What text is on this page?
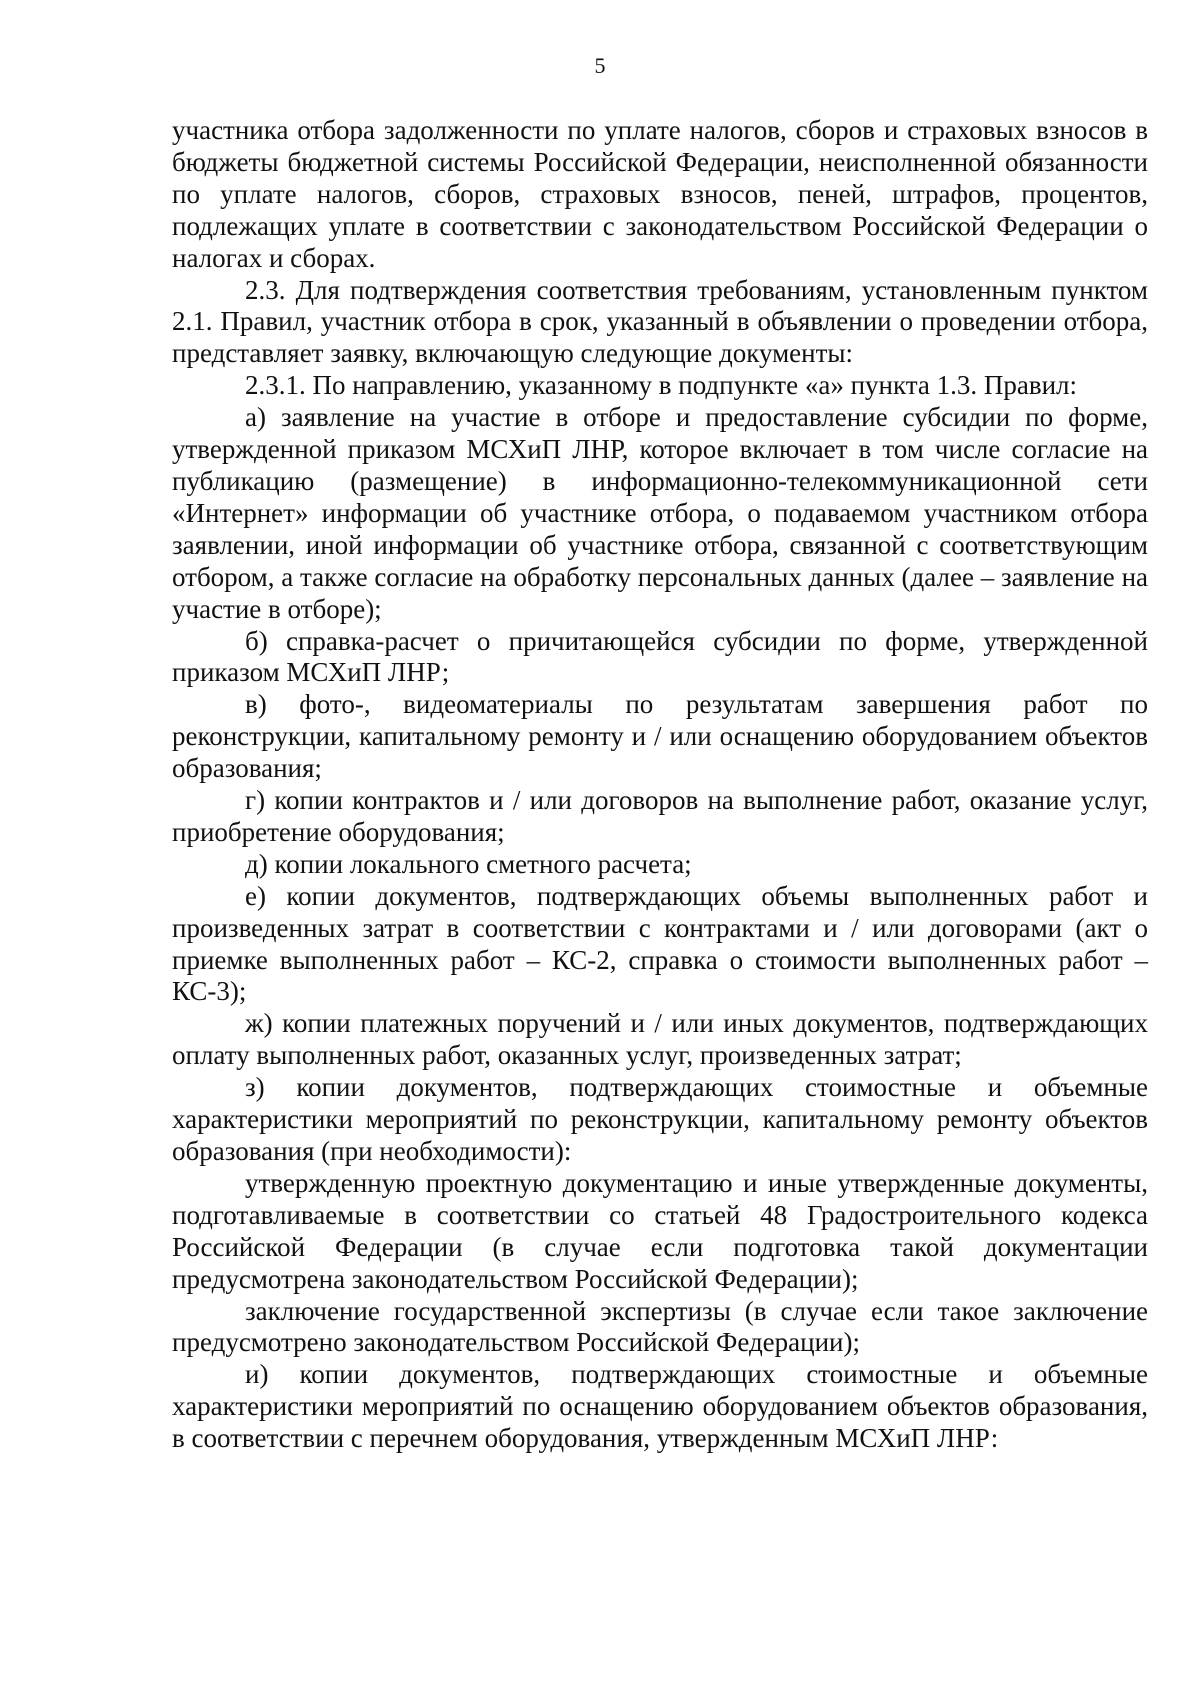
5

участника отбора задолженности по уплате налогов, сборов и страховых взносов в бюджеты бюджетной системы Российской Федерации, неисполненной обязанности по уплате налогов, сборов, страховых взносов, пеней, штрафов, процентов, подлежащих уплате в соответствии с законодательством Российской Федерации о налогах и сборах.

2.3. Для подтверждения соответствия требованиям, установленным пунктом 2.1. Правил, участник отбора в срок, указанный в объявлении о проведении отбора, представляет заявку, включающую следующие документы:

2.3.1. По направлению, указанному в подпункте «а» пункта 1.3. Правил:

а) заявление на участие в отборе и предоставление субсидии по форме, утвержденной приказом МСХиП ЛНР, которое включает в том числе согласие на публикацию (размещение) в информационно-телекоммуникационной сети «Интернет» информации об участнике отбора, о подаваемом участником отбора заявлении, иной информации об участнике отбора, связанной с соответствующим отбором, а также согласие на обработку персональных данных (далее – заявление на участие в отборе);

б) справка-расчет о причитающейся субсидии по форме, утвержденной приказом МСХиП ЛНР;

в) фото-, видеоматериалы по результатам завершения работ по реконструкции, капитальному ремонту и / или оснащению оборудованием объектов образования;

г) копии контрактов и / или договоров на выполнение работ, оказание услуг, приобретение оборудования;

д) копии локального сметного расчета;

е) копии документов, подтверждающих объемы выполненных работ и произведенных затрат в соответствии с контрактами и / или договорами (акт о приемке выполненных работ – КС-2, справка о стоимости выполненных работ – КС-3);

ж) копии платежных поручений и / или иных документов, подтверждающих оплату выполненных работ, оказанных услуг, произведенных затрат;

з) копии документов, подтверждающих стоимостные и объемные характеристики мероприятий по реконструкции, капитальному ремонту объектов образования (при необходимости):

утвержденную проектную документацию и иные утвержденные документы, подготавливаемые в соответствии со статьей 48 Градостроительного кодекса Российской Федерации (в случае если подготовка такой документации предусмотрена законодательством Российской Федерации);

заключение государственной экспертизы (в случае если такое заключение предусмотрено законодательством Российской Федерации);

и) копии документов, подтверждающих стоимостные и объемные характеристики мероприятий по оснащению оборудованием объектов образования, в соответствии с перечнем оборудования, утвержденным МСХиП ЛНР:
